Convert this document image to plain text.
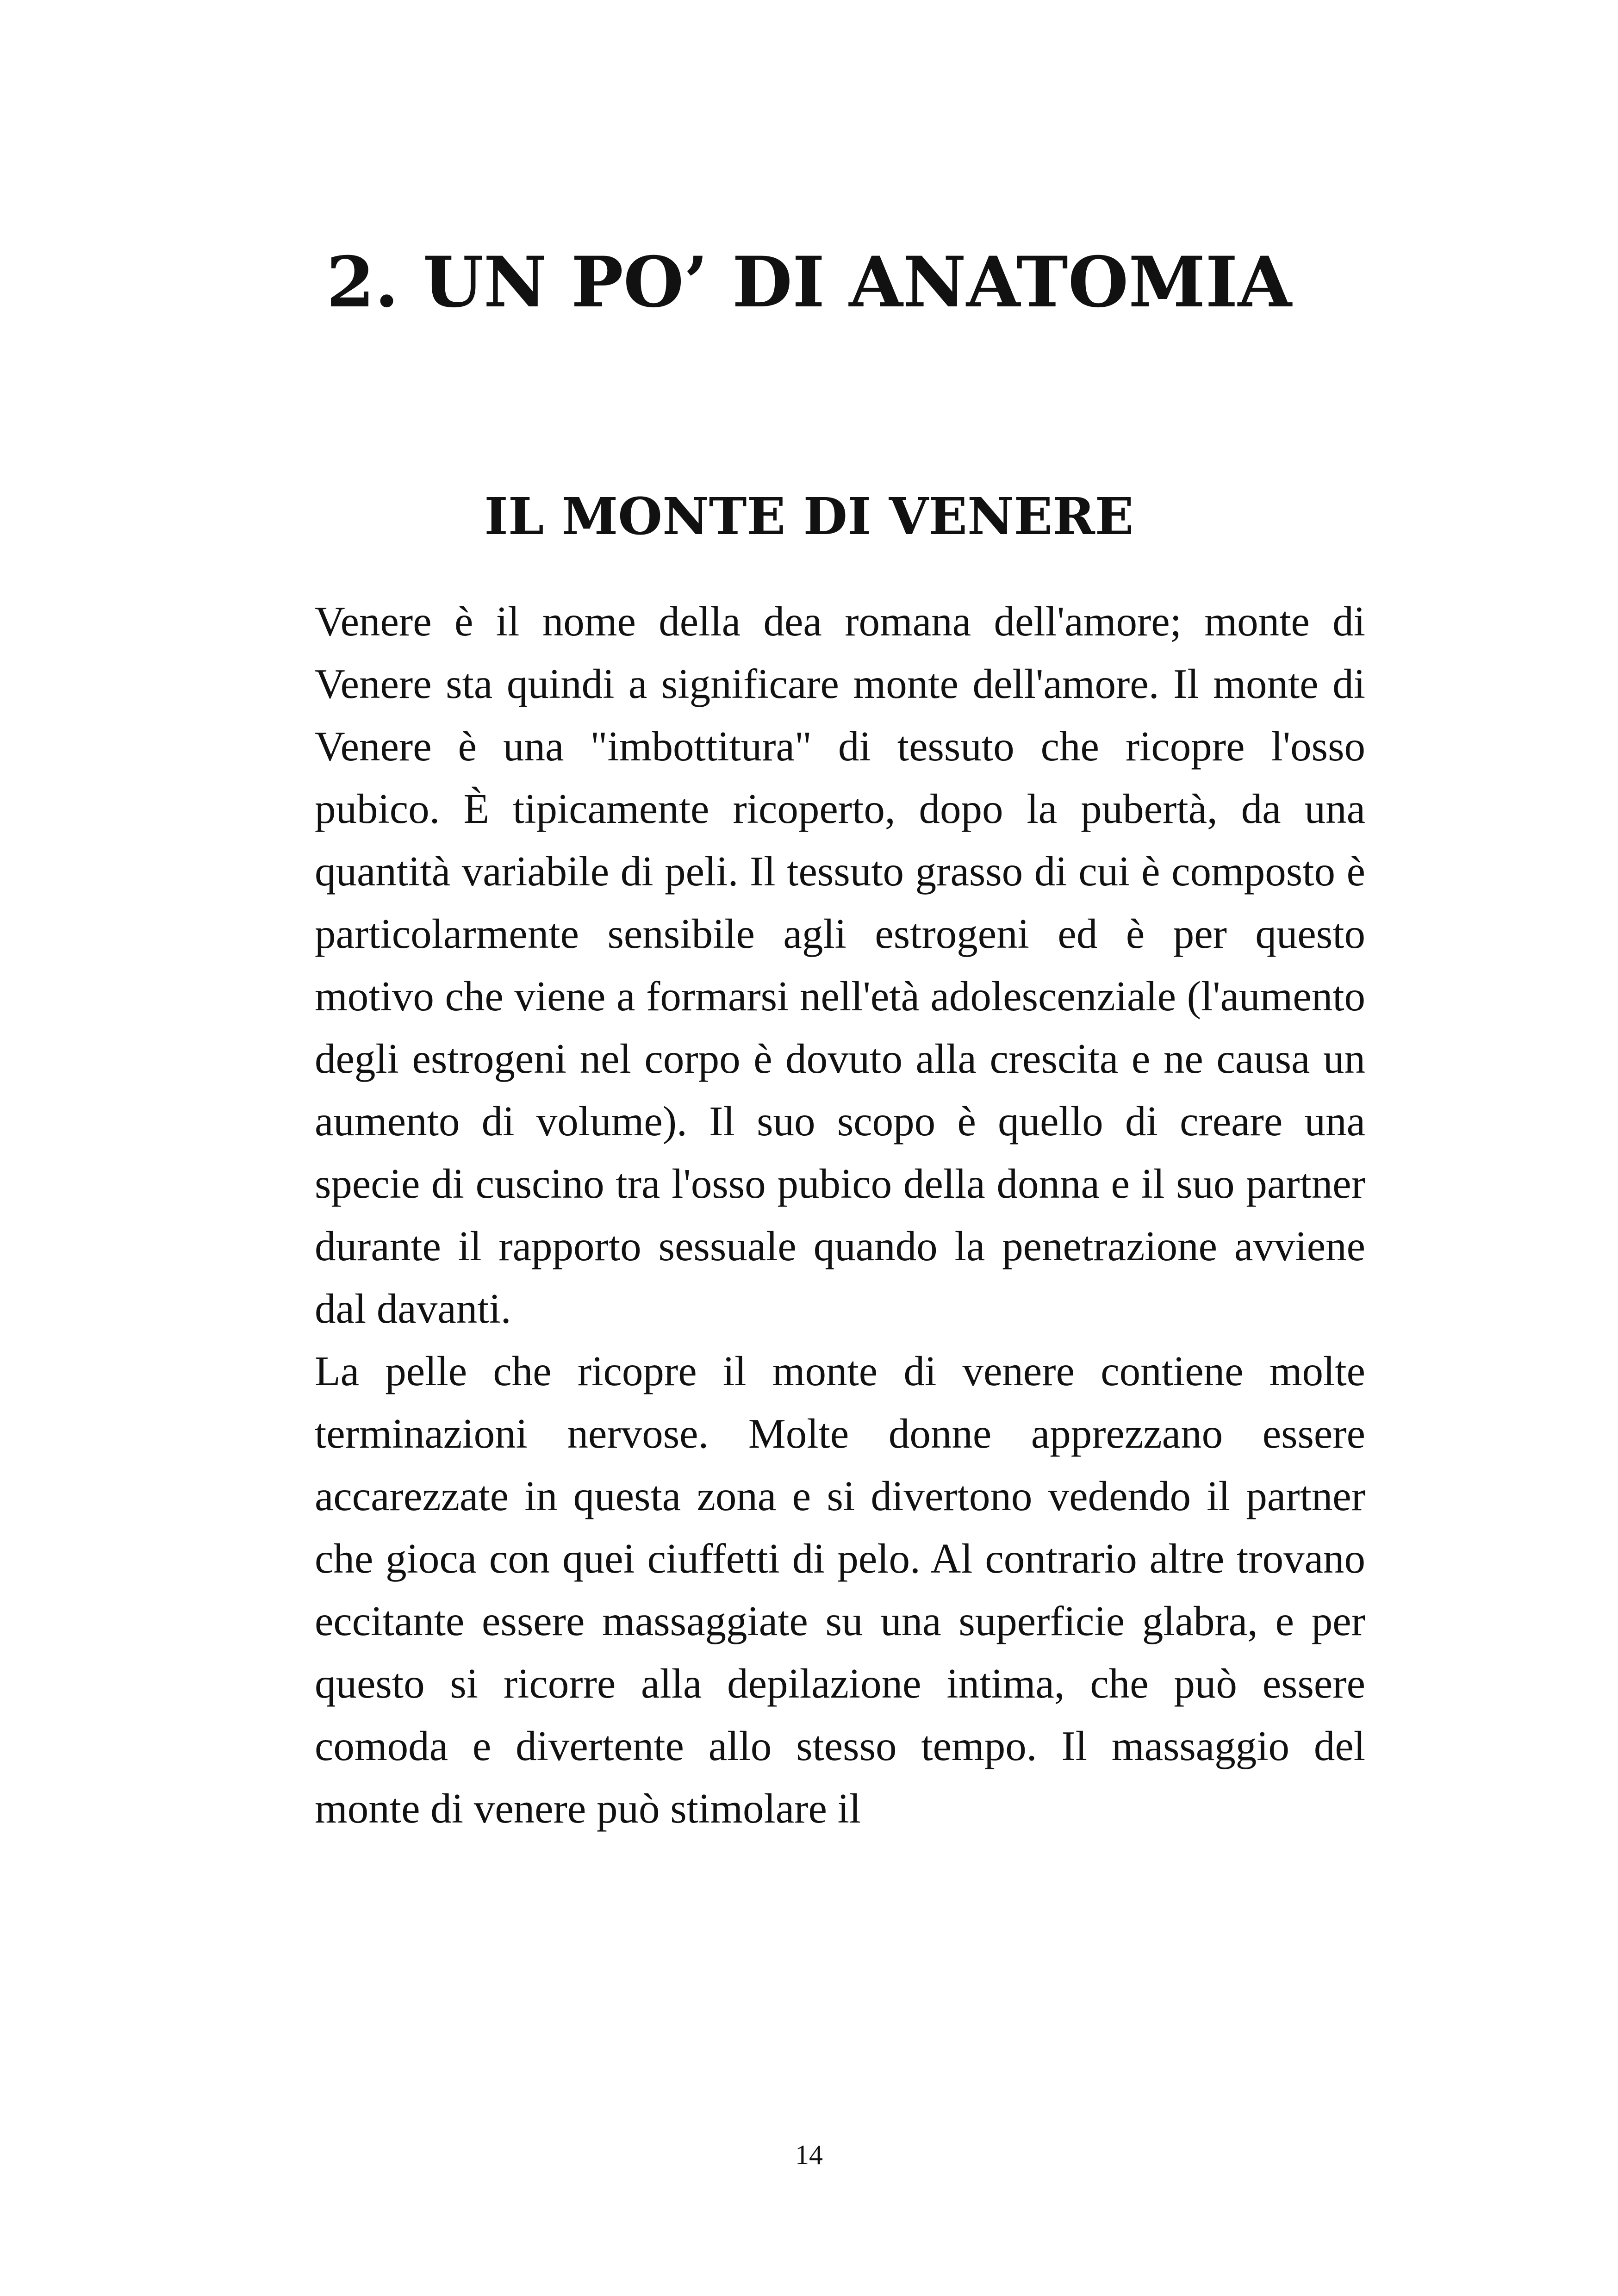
2. UN PO’ DI ANATOMIA
IL MONTE DI VENERE

Venere è il nome della dea romana dell'amore; monte di Venere sta quindi a significare monte dell'amore. Il monte di Venere è una "imbottitura" di tessuto che ricopre l'osso pubico. È tipicamente ricoperto, dopo la pubertà, da una quantità variabile di peli. Il tessuto grasso di cui è composto è particolarmente sensibile agli estrogeni ed è per questo motivo che viene a formarsi nell'età adolescenziale (l'aumento degli estrogeni nel corpo è dovuto alla crescita e ne causa un aumento di volume). Il suo scopo è quello di creare una specie di cuscino tra l'osso pubico della donna e il suo partner durante il rapporto sessuale quando la penetrazione avviene dal davanti.

La pelle che ricopre il monte di venere contiene molte terminazioni nervose. Molte donne apprezzano essere accarezzate in questa zona e si divertono vedendo il partner che gioca con quei ciuffetti di pelo. Al contrario altre trovano eccitante essere massaggiate su una superficie glabra, e per questo si ricorre alla depilazione intima, che può essere comoda e divertente allo stesso tempo. Il massaggio del monte di venere può stimolare il

14
